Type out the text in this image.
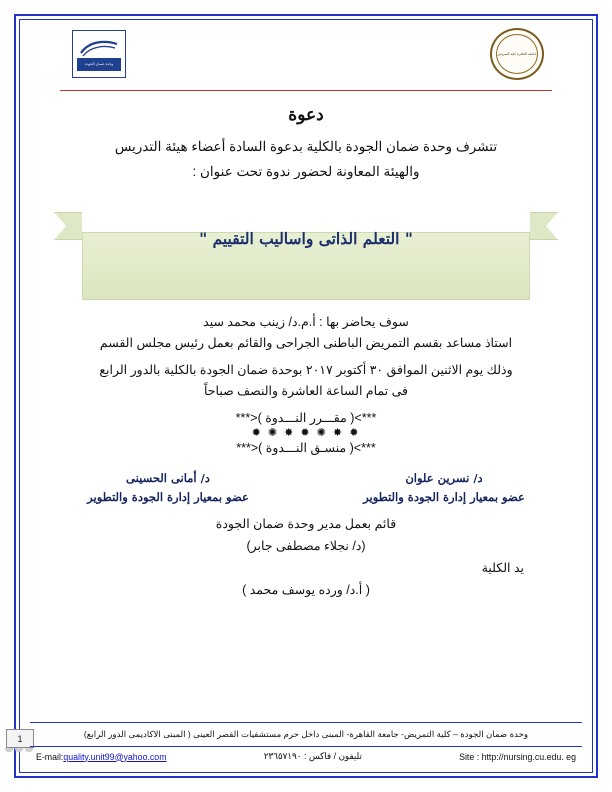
جامعة القاهرة كلية التمريض
وحدة ضمان الجودة
دعوة
تتشرف وحدة ضمان الجودة بالكلية بدعوة السادة أعضاء هيئة التدريس
والهيئة المعاونة لحضور ندوة تحت عنوان :
" التعلم الذاتى واساليب التقييم "
سوف يحاضر بها : أ.م.د/ زينب محمد سيد
استاذ مساعد بقسم التمريض الباطنى الجراحى والقائم بعمل رئيس مجلس القسم
وذلك يوم الاثنين الموافق ٣٠ أكتوبر ٢٠١٧ بوحدة ضمان الجودة بالكلية بالدور الرابع
فى تمام الساعة العاشرة والنصف صباحاً
***>( مقـــرر النـــدوة )<***
✹ ✸ ✺ ✹ ✸ ✺ ✹
***>( منسـق النـــدوة )<***
د/ نسرين علوان
عضو بمعيار إدارة الجودة والتطوير
د/ أمانى الحسينى
عضو بمعيار إدارة الجودة والتطوير
قائم بعمل مدير وحدة ضمان الجودة
(د/ نجلاء مصطفى جابر)
يد الكلية
( أ.د/ ورده يوسف محمد )
1	وحدة ضمان الجودة – كلية التمريض- جامعة القاهرة- المبنى داخل حرم مستشفيات القصر العينى ( المبنى الاكاديمى الدور الرابع)
E-mail:quality.unit99@yahoo.com	تليفون / فاكس : ٢٣٦٥٧١٩٠	Site : http://nursing.cu.edu. eg
